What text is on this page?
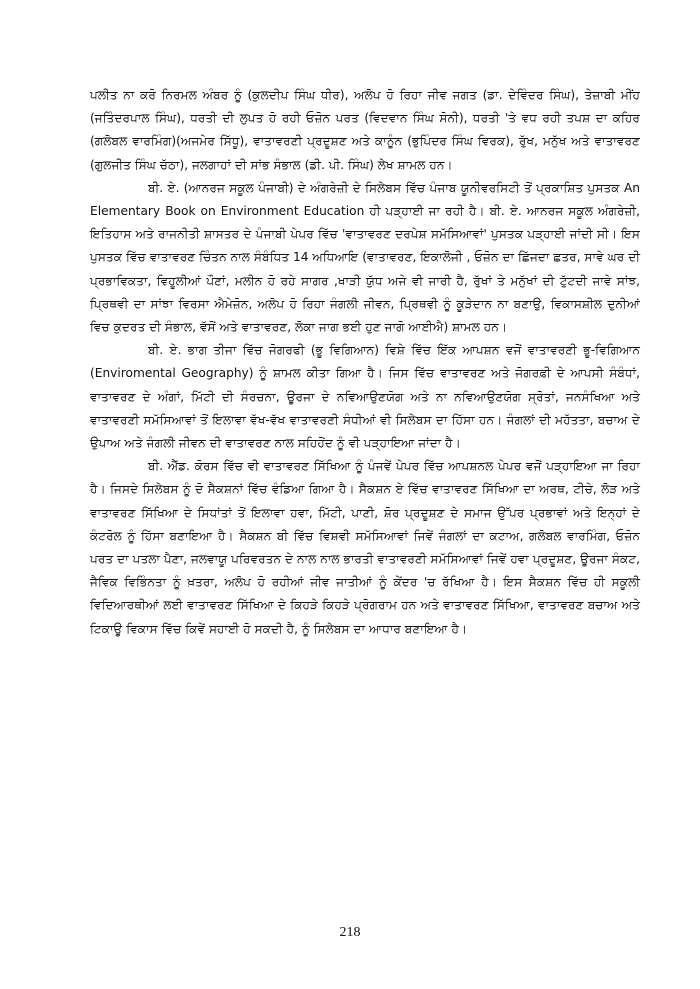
ਪਲੀਤ ਨਾ ਕਰੋ ਨਿਰਮਲ ਅੰਬਰ ਨੂੰ (ਕੁਲਦੀਪ ਸਿੰਘ ਧੀਰ), ਅਲੋਪ ਹੋ ਰਿਹਾ ਜੀਵ ਜਗਤ (ਡਾ. ਦੇਵਿੰਦਰ ਸਿੰਘ), ਤੇਜ਼ਾਬੀ ਮੀਂਹ (ਜਤਿੰਦਰਪਾਲ ਸਿੰਘ), ਧਰਤੀ ਦੀ ਲੁਪਤ ਹੋ ਰਹੀ ਓਜ਼ੋਨ ਪਰਤ (ਵਿਦਵਾਨ ਸਿੰਘ ਸੋਨੀ), ਧਰਤੀ 'ਤੇ ਵਧ ਰਹੀ ਤਪਸ਼ ਦਾ ਕਹਿਰ (ਗਲੋਬਲ ਵਾਰਮਿੰਗ)(ਅਜਮੇਰ ਸਿੱਧੂ), ਵਾਤਾਵਰਣੀ ਪ੍ਰਦੂਸ਼ਣ ਅਤੇ ਕਾਨੂੰਨ (ਭੁਪਿੰਦਰ ਸਿੰਘ ਵਿਰਕ), ਰੁੱਖ, ਮਨੁੱਖ ਅਤੇ ਵਾਤਾਵਰਣ (ਗੁਲਜੀਤ ਸਿੰਘ ਚੱਠਾ), ਜਲਗਾਹਾਂ ਦੀ ਸਾਂਭ ਸੰਭਾਲ (ਡੀ. ਪੀ. ਸਿੰਘ) ਲੇਖ ਸ਼ਾਮਲ ਹਨ।

ਬੀ. ਏ. (ਆਨਰਜ ਸਕੂਲ ਪੰਜਾਬੀ) ਦੇ ਅੰਗਰੇਜ਼ੀ ਦੇ ਸਿਲੇਬਸ ਵਿੱਚ ਪੰਜਾਬ ਯੂਨੀਵਰਸਿਟੀ ਤੋਂ ਪ੍ਰਕਾਸ਼ਿਤ ਪੁਸਤਕ An Elementary Book on Environment Education ਹੀ ਪੜ੍ਹਾਈ ਜਾ ਰਹੀ ਹੈ। ਬੀ. ਏ. ਆਨਰਜ ਸਕੂਲ ਅੰਗਰੇਜ਼ੀ, ਇਤਿਹਾਸ ਅਤੇ ਰਾਜਨੀਤੀ ਸ਼ਾਸਤਰ ਦੇ ਪੰਜਾਬੀ ਪੇਪਰ ਵਿੱਚ 'ਵਾਤਾਵਰਣ ਦਰਪੇਸ਼ ਸਮੱਸਿਆਵਾਂ' ਪੁਸਤਕ ਪੜ੍ਹਾਈ ਜਾਂਦੀ ਸੀ। ਇਸ ਪੁਸਤਕ ਵਿੱਚ ਵਾਤਾਵਰਣ ਚਿੰਤਨ ਨਾਲ ਸੰਬੰਧਿਤ 14 ਅਧਿਆਇ (ਵਾਤਾਵਰਣ, ਇਕਾਲੋਜੀ , ਓਜ਼ੋਨ ਦਾ ਛਿੱਜਦਾ ਛਤਰ, ਸਾਵੇ ਘਰ ਦੀ ਪ੍ਰਭਾਵਿਕਤਾ, ਵਿਹੂਲੀਆਂ ਪੌਣਾਂ, ਮਲੀਨ ਹੋ ਰਹੇ ਸਾਗਰ ,ਖਾੜੀ ਯੁੱਧ ਅਜੇ ਵੀ ਜਾਰੀ ਹੈ, ਰੁੱਖਾਂ ਤੇ ਮਨੁੱਖਾਂ ਦੀ ਟੁੱਟਦੀ ਜਾਵੇ ਸਾਂਝ, ਪ੍ਰਿਥਵੀ ਦਾ ਸਾਂਝਾ ਵਿਰਸਾ ਐਮੇਜ਼ੋਨ, ਅਲੋਪ ਹੋ ਰਿਹਾ ਜੰਗਲੀ ਜੀਵਨ, ਪ੍ਰਿਥਵੀ ਨੂੰ ਕੂੜੇਦਾਨ ਨਾ ਬਣਾਉ, ਵਿਕਾਸਸ਼ੀਲ ਦੁਨੀਆਂ ਵਿਚ ਕੁਦਰਤ ਦੀ ਸੰਭਾਲ, ਵੱਸੋਂ ਅਤੇ ਵਾਤਾਵਰਣ, ਲੋਕਾ ਜਾਗ ਭਈ ਹੁਣ ਜਾਗੋ ਆਈਐ) ਸ਼ਾਮਲ ਹਨ।

ਬੀ. ਏ. ਭਾਗ ਤੀਜਾ ਵਿੱਚ ਜੋਗਰਫੀ (ਭੂ ਵਿਗਿਆਨ) ਵਿਸ਼ੇ ਵਿੱਚ ਇੱਕ ਆਪਸ਼ਨ ਵਜੋਂ ਵਾਤਾਵਰਣੀ ਭੂ-ਵਿਗਿਆਨ (Enviromental Geography) ਨੂੰ ਸ਼ਾਮਲ ਕੀਤਾ ਗਿਆ ਹੈ। ਜਿਸ ਵਿੱਚ ਵਾਤਾਵਰਣ ਅਤੇ ਜੋਗਰਫ਼ੀ ਦੇ ਆਪਸੀ ਸੰਬੰਧਾਂ, ਵਾਤਾਵਰਣ ਦੇ ਅੰਗਾਂ, ਮਿੱਟੀ ਦੀ ਸੰਰਚਨਾ, ਊਰਜਾ ਦੇ ਨਵਿਆਉਣਯੋਗ ਅਤੇ ਨਾ ਨਵਿਆਉਣਯੋਗ ਸ੍ਰੋਤਾਂ, ਜਨਸੰਖਿਆ ਅਤੇ ਵਾਤਾਵਰਣੀ ਸਮੱਸਿਆਵਾਂ ਤੋਂ ਇਲਾਵਾ ਵੱਖ-ਵੱਖ ਵਾਤਾਵਰਣੀ ਸੰਧੀਆਂ ਵੀ ਸਿਲੇਬਸ ਦਾ ਹਿੱਸਾ ਹਨ। ਜੰਗਲਾਂ ਦੀ ਮਹੱਤਤਾ, ਬਚਾਅ ਦੇ ਉਪਾਅ ਅਤੇ ਜੰਗਲੀ ਜੀਵਨ ਦੀ ਵਾਤਾਵਰਣ ਨਾਲ ਸਹਿਹੋਂਦ ਨੂੰ ਵੀ ਪੜ੍ਹਾਇਆ ਜਾਂਦਾ ਹੈ।

ਬੀ. ਐੱਡ. ਕੋਰਸ ਵਿੱਚ ਵੀ ਵਾਤਾਵਰਣ ਸਿੱਖਿਆ ਨੂੰ ਪੰਜਵੇਂ ਪੇਪਰ ਵਿੱਚ ਆਪਸ਼ਨਲ ਪੇਪਰ ਵਜੋਂ ਪੜ੍ਹਾਇਆ ਜਾ ਰਿਹਾ ਹੈ। ਜਿਸਦੇ ਸਿਲੇਬਸ ਨੂੰ ਦੋ ਸੈਕਸ਼ਨਾਂ ਵਿੱਚ ਵੰਡਿਆ ਗਿਆ ਹੈ। ਸੈਕਸ਼ਨ ਏ ਵਿੱਚ ਵਾਤਾਵਰਣ ਸਿੱਖਿਆ ਦਾ ਅਰਥ, ਟੀਚੇ, ਲੋੜ ਅਤੇ ਵਾਤਾਵਰਣ ਸਿੱਖਿਆ ਦੇ ਸਿਧਾਂਤਾਂ ਤੋਂ ਇਲਾਵਾ ਹਵਾ, ਮਿੱਟੀ, ਪਾਣੀ, ਸ਼ੋਰ ਪ੍ਰਦੂਸ਼ਣ ਦੇ ਸਮਾਜ ਉੱਪਰ ਪ੍ਰਭਾਵਾਂ ਅਤੇ ਇਨ੍ਹਾਂ ਦੇ ਕੰਟਰੋਲ ਨੂੰ ਹਿੱਸਾ ਬਣਾਇਆ ਹੈ। ਸੈਕਸ਼ਨ ਬੀ ਵਿੱਚ ਵਿਸ਼ਵੀ ਸਮੱਸਿਆਵਾਂ ਜਿਵੇਂ ਜੰਗਲਾਂ ਦਾ ਕਟਾਅ, ਗਲੋਬਲ ਵਾਰਮਿੰਗ, ਓਜ਼ੋਨ ਪਰਤ ਦਾ ਪਤਲਾ ਪੈਣਾ, ਜਲਵਾਯੂ ਪਰਿਵਰਤਨ ਦੇ ਨਾਲ ਨਾਲ ਭਾਰਤੀ ਵਾਤਾਵਰਣੀ ਸਮੱਸਿਆਵਾਂ ਜਿਵੇਂ ਹਵਾ ਪ੍ਰਦੂਸ਼ਣ, ਊਰਜਾ ਸੰਕਟ, ਜੈਵਿਕ ਵਿਭਿੰਨਤਾ ਨੂੰ ਖ਼ਤਰਾ, ਅਲੋਪ ਹੋ ਰਹੀਆਂ ਜੀਵ ਜਾਤੀਆਂ ਨੂੰ ਕੇਂਦਰ 'ਚ ਰੱਖਿਆ ਹੈ। ਇਸ ਸੈਕਸ਼ਨ ਵਿੱਚ ਹੀ ਸਕੂਲੀ ਵਿਦਿਆਰਥੀਆਂ ਲਈ ਵਾਤਾਵਰਣ ਸਿੱਖਿਆ ਦੇ ਕਿਹੜੇ ਕਿਹੜੇ ਪ੍ਰੋਗਰਾਮ ਹਨ ਅਤੇ ਵਾਤਾਵਰਣ ਸਿੱਖਿਆ, ਵਾਤਾਵਰਣ ਬਚਾਅ ਅਤੇ ਟਿਕਾਊ ਵਿਕਾਸ ਵਿੱਚ ਕਿਵੇਂ ਸਹਾਈ ਹੋ ਸਕਦੀ ਹੈ, ਨੂੰ ਸਿਲੇਬਸ ਦਾ ਆਧਾਰ ਬਣਾਇਆ ਹੈ।

218
